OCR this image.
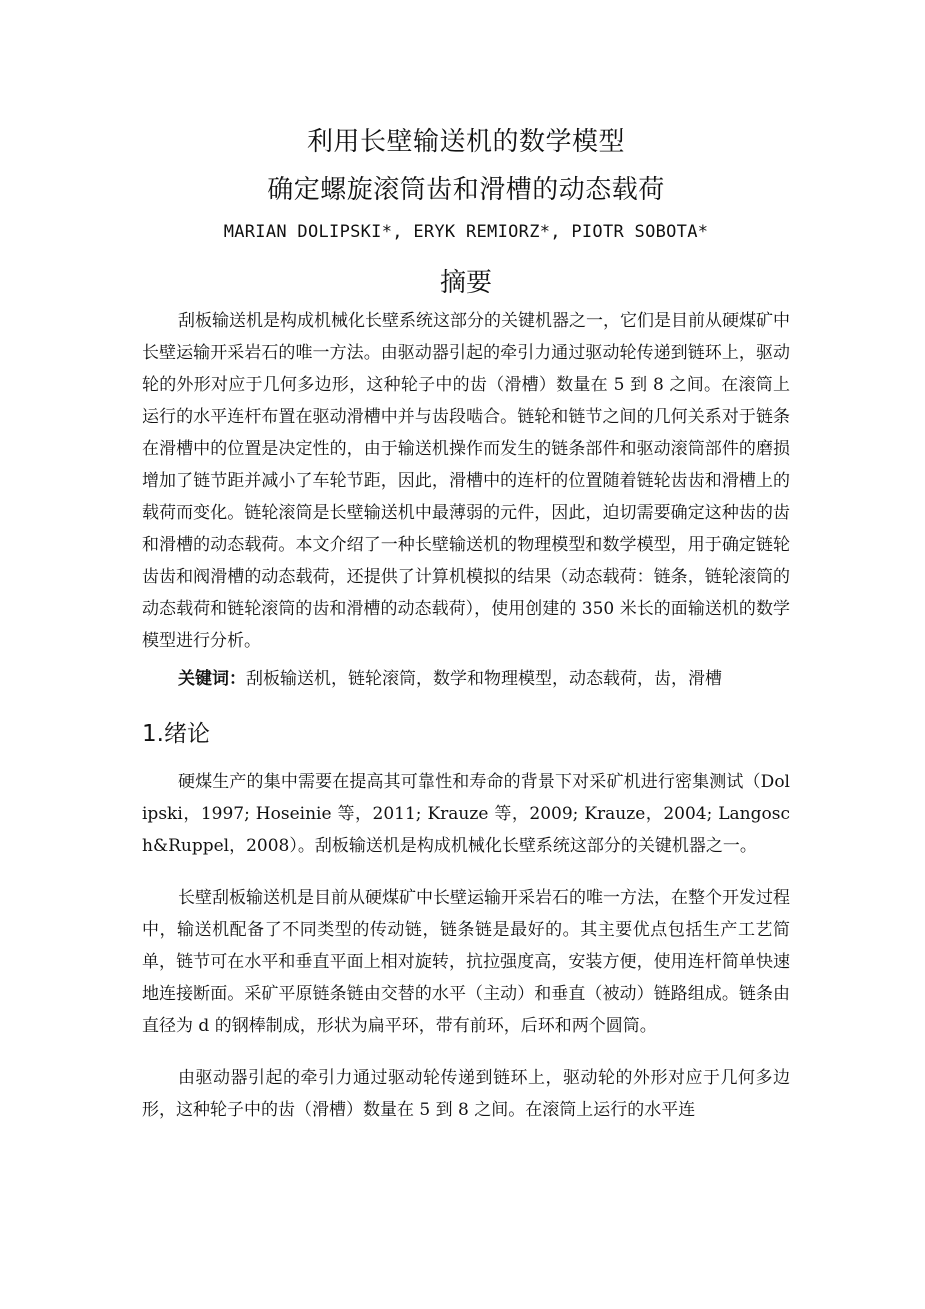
利用长壁输送机的数学模型
确定螺旋滚筒齿和滑槽的动态载荷
MARIAN DOLIPSKI*, ERYK REMIORZ*, PIOTR SOBOTA*
摘要

刮板输送机是构成机械化长壁系统这部分的关键机器之一，它们是目前从硬煤矿中长壁运输开采岩石的唯一方法。由驱动器引起的牵引力通过驱动轮传递到链环上，驱动轮的外形对应于几何多边形，这种轮子中的齿（滑槽）数量在 5 到 8 之间。在滚筒上运行的水平连杆布置在驱动滑槽中并与齿段啮合。链轮和链节之间的几何关系对于链条在滑槽中的位置是决定性的，由于输送机操作而发生的链条部件和驱动滚筒部件的磨损增加了链节距并减小了车轮节距，因此，滑槽中的连杆的位置随着链轮齿齿和滑槽上的载荷而变化。链轮滚筒是长壁输送机中最薄弱的元件，因此，迫切需要确定这种齿的齿和滑槽的动态载荷。本文介绍了一种长壁输送机的物理模型和数学模型，用于确定链轮齿齿和阀滑槽的动态载荷，还提供了计算机模拟的结果（动态载荷：链条，链轮滚筒的动态载荷和链轮滚筒的齿和滑槽的动态载荷），使用创建的 350 米长的面输送机的数学模型进行分析。

关键词：刮板输送机，链轮滚筒，数学和物理模型，动态载荷，齿，滑槽

1.绪论

硬煤生产的集中需要在提高其可靠性和寿命的背景下对采矿机进行密集测试（Dolipski，1997; Hoseinie 等，2011; Krauze 等，2009; Krauze，2004; Langosch&Ruppel，2008）。刮板输送机是构成机械化长壁系统这部分的关键机器之一。

长壁刮板输送机是目前从硬煤矿中长壁运输开采岩石的唯一方法，在整个开发过程中，输送机配备了不同类型的传动链，链条链是最好的。其主要优点包括生产工艺简单，链节可在水平和垂直平面上相对旋转，抗拉强度高，安装方便，使用连杆简单快速地连接断面。采矿平原链条链由交替的水平（主动）和垂直（被动）链路组成。链条由直径为 d 的钢棒制成，形状为扁平环，带有前环，后环和两个圆筒。

由驱动器引起的牵引力通过驱动轮传递到链环上，驱动轮的外形对应于几何多边形，这种轮子中的齿（滑槽）数量在 5 到 8 之间。在滚筒上运行的水平连
